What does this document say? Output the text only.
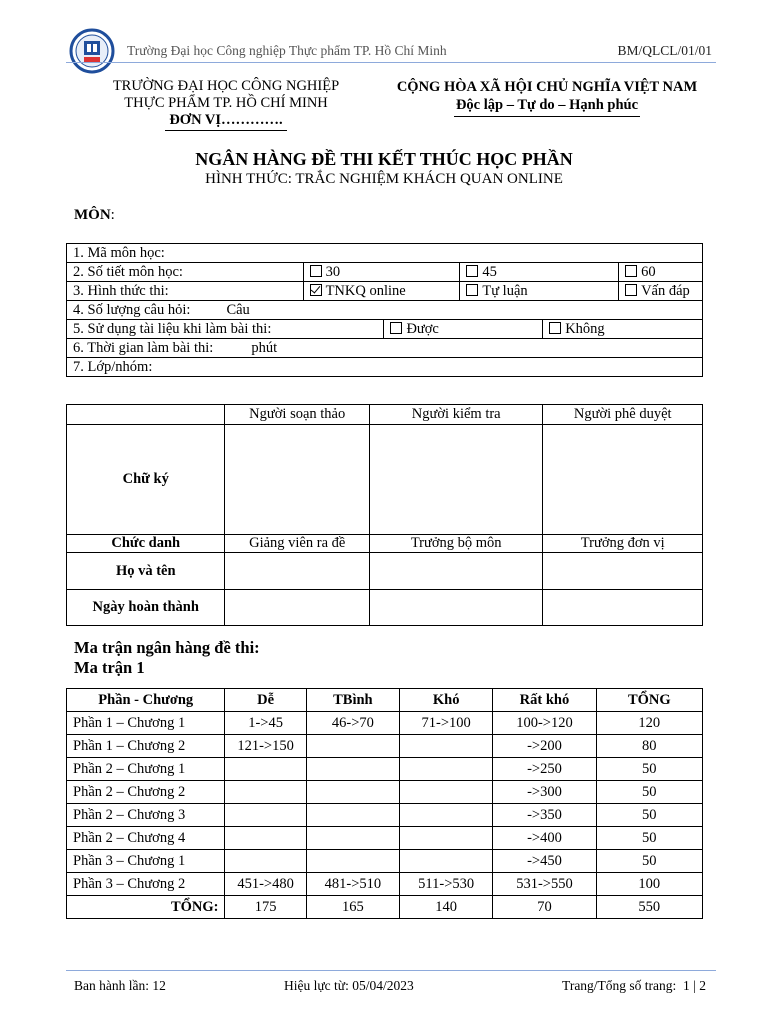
Trường Đại học Công nghiệp Thực phẩm TP. Hồ Chí Minh	BM/QLCL/01/01
TRƯỜNG ĐẠI HỌC CÔNG NGHIỆP
THỰC PHẨM TP. HỒ CHÍ MINH
ĐƠN VỊ………….
CỘNG HÒA XÃ HỘI CHỦ NGHĨA VIỆT NAM
Độc lập – Tự do – Hạnh phúc
NGÂN HÀNG ĐỀ THI KẾT THÚC HỌC PHẦN
HÌNH THỨC: TRẮC NGHIỆM KHÁCH QUAN ONLINE
MÔN:
1. Mã môn học:					
2. Số tiết môn học:	30		45		60
3. Hình thức thi:	TNKQ online		Tự luận		Vấn đáp
4. Số lượng câu hỏi: Câu					
5. Sử dụng tài liệu khi làm bài thi:		Được		Không	
6. Thời gian làm bài thi: phút					
7. Lớp/nhóm:					
	Người soạn thảo	Người kiểm tra	Người phê duyệt
Chữ ký			
Chức danh	Giảng viên ra đề	Trưởng bộ môn	Trưởng đơn vị
Họ và tên			
Ngày hoàn thành			
Ma trận ngân hàng đề thi:
Ma trận 1
Phần - Chương	Dễ	TBình	Khó	Rất khó	TỔNG
Phần 1 – Chương 1	1->45	46->70	71->100	100->120	120
Phần 1 – Chương 2	121->150			->200	80
Phần 2 – Chương 1				->250	50
Phần 2 – Chương 2				->300	50
Phần 2 – Chương 3				->350	50
Phần 2 – Chương 4				->400	50
Phần 3 – Chương 1				->450	50
Phần 3 – Chương 2	451->480	481->510	511->530	531->550	100
TỔNG:	175	165	140	70	550
Ban hành lần: 12	Hiệu lực từ: 05/04/2023	Trang/Tổng số trang: 1 | 2
